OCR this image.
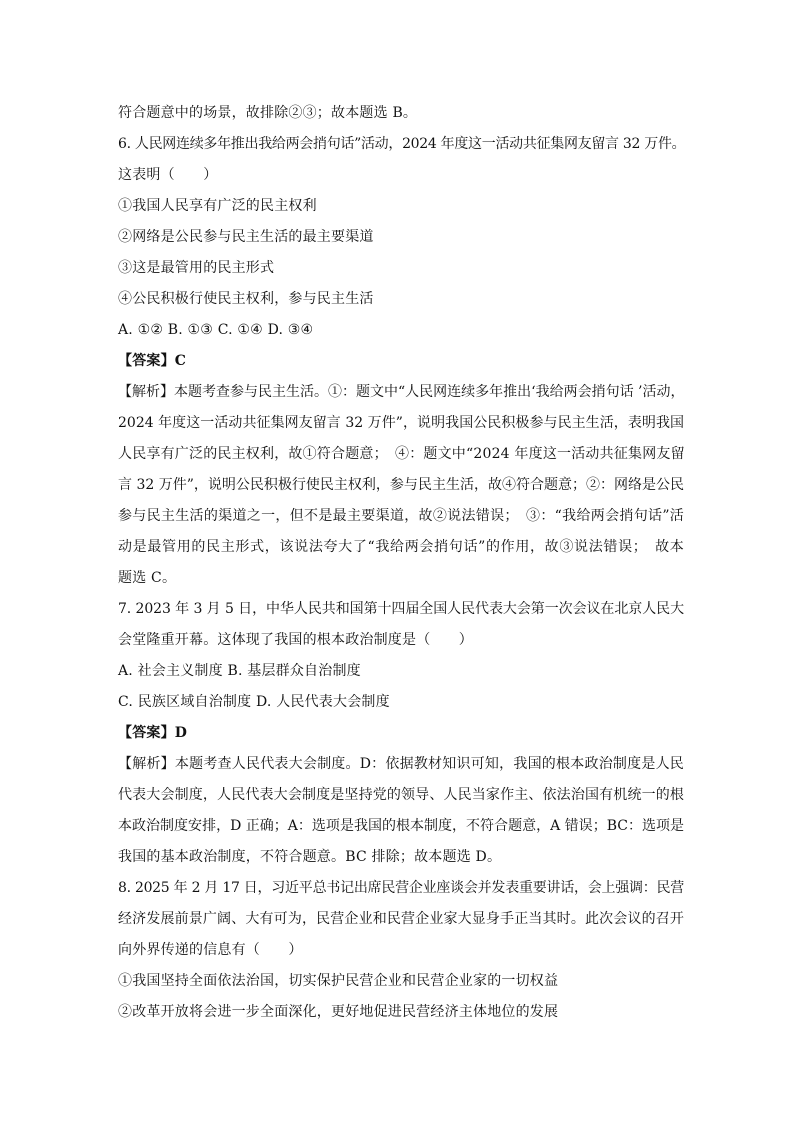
符合题意中的场景，故排除②③；故本题选 B。
6. 人民网连续多年推出我给两会捎句话”活动，2024 年度这一活动共征集网友留言 32 万件。
这表明（　　）
①我国人民享有广泛的民主权利
②网络是公民参与民主生活的最主要渠道
③这是最管用的民主形式
④公民积极行使民主权利，参与民主生活
A. ①② B. ①③ C. ①④ D. ③④
【答案】C
【解析】本题考查参与民主生活。①：题文中“人民网连续多年推出‘我给两会捎句话 ’活动，
2024 年度这一活动共征集网友留言 32 万件”，说明我国公民积极参与民主生活，表明我国
人民享有广泛的民主权利，故①符合题意；　④：题文中“2024 年度这一活动共征集网友留
言 32 万件”，说明公民积极行使民主权利，参与民主生活，故④符合题意；②：网络是公民
参与民主生活的渠道之一，但不是最主要渠道，故②说法错误；　③：“我给两会捎句话”活
动是最管用的民主形式，该说法夸大了“我给两会捎句话”的作用，故③说法错误；　故本
题选 C。
7. 2023 年 3 月 5 日，中华人民共和国第十四届全国人民代表大会第一次会议在北京人民大
会堂隆重开幕。这体现了我国的根本政治制度是（　　）
A. 社会主义制度 B. 基层群众自治制度
C. 民族区域自治制度 D. 人民代表大会制度
【答案】D
【解析】本题考查人民代表大会制度。D：依据教材知识可知，我国的根本政治制度是人民
代表大会制度，人民代表大会制度是坚持党的领导、人民当家作主、依法治国有机统一的根
本政治制度安排，D 正确；A：选项是我国的根本制度，不符合题意，A 错误；BC：选项是
我国的基本政治制度，不符合题意。BC 排除；故本题选 D。
8. 2025 年 2 月 17 日，习近平总书记出席民营企业座谈会并发表重要讲话，会上强调：民营
经济发展前景广阔、大有可为，民营企业和民营企业家大显身手正当其时。此次会议的召开
向外界传递的信息有（　　）
①我国坚持全面依法治国，切实保护民营企业和民营企业家的一切权益
②改革开放将会进一步全面深化，更好地促进民营经济主体地位的发展
